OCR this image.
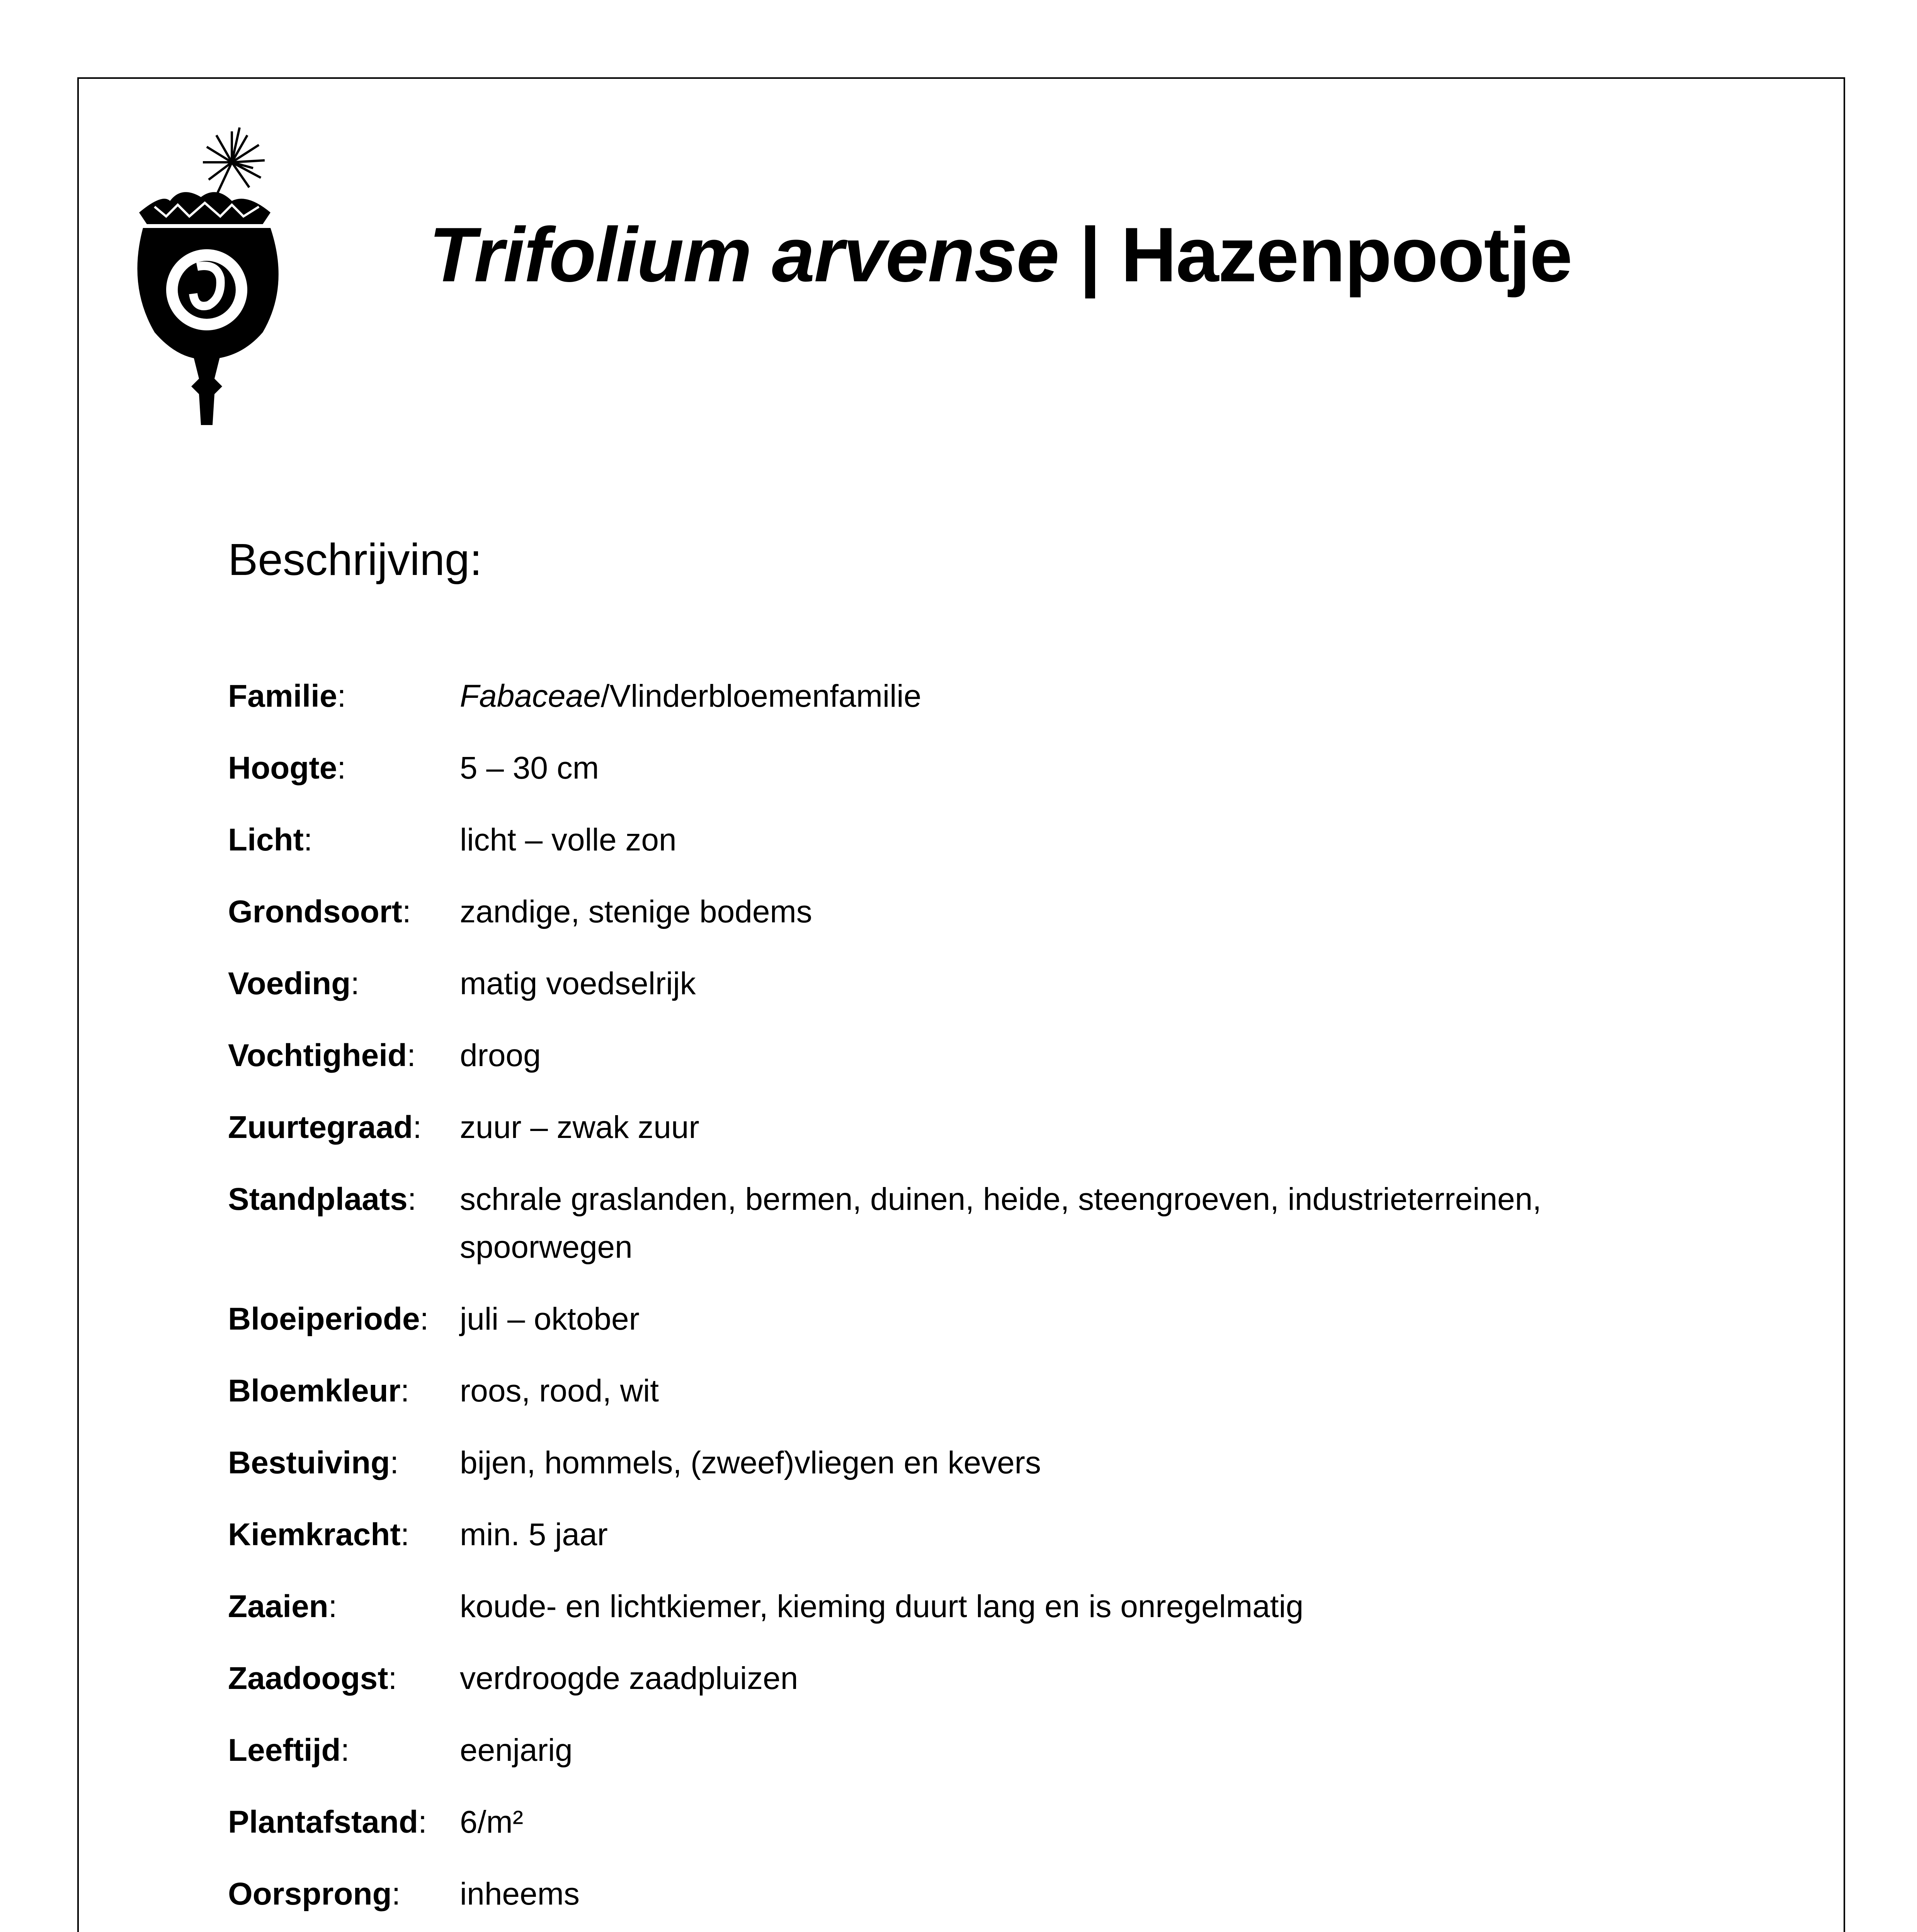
Trifolium arvense | Hazenpootje
Beschrijving:
Familie:	Fabaceae/Vlinderbloemenfamilie
Hoogte:	5 – 30 cm
Licht:	licht – volle zon
Grondsoort:	zandige, stenige bodems
Voeding:	matig voedselrijk
Vochtigheid:	droog
Zuurtegraad:	zuur – zwak zuur
Standplaats:	schrale graslanden, bermen, duinen, heide, steengroeven, industrieterreinen, spoorwegen
Bloeiperiode: juli – oktober
Bloemkleur:	roos, rood, wit
Bestuiving:	bijen, hommels, (zweef)vliegen en kevers
Kiemkracht:	min. 5 jaar
Zaaien:	koude- en lichtkiemer, kieming duurt lang en is onregelmatig
Zaadoogst:	verdroogde zaadpluizen
Leeftijd:	eenjarig
Plantafstand:	6/m²
Oorsprong:	inheems
